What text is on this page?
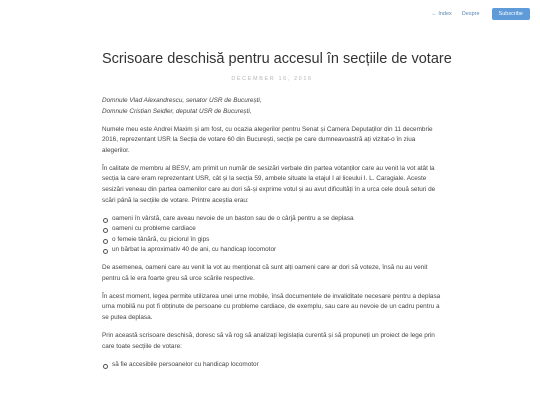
← Index Despre	Subscribe
Scrisoare deschisă pentru accesul în secțiile de votare
DECEMBER 16, 2016

Domnule Vlad Alexandrescu, senator USR de București,
Domnule Cristian Seidler, deputat USR de București,

Numele meu este Andrei Maxim și am fost, cu ocazia alegerilor pentru Senat și Camera Deputaților din 11 decembrie 2016, reprezentant USR la Secția de votare 60 din București, secție pe care dumneavoastră ați vizitat-o în ziua alegerilor.

În calitate de membru al BESV, am primit un număr de sesizări verbale din partea votanților care au venit la vot atât la secția la care eram reprezentant USR, cât și la secția 59, ambele situate la etajul I al liceului I. L. Caragiale. Aceste sesizări veneau din partea oamenilor care au dori să-și exprime votul și au avut dificultăți în a urca cele două seturi de scări până la secțiile de votare. Printre aceștia erau:

oameni în vârstă, care aveau nevoie de un baston sau de o cârjă pentru a se deplasa
oameni cu probleme cardiace
o femeie tânără, cu piciorul în gips
un bărbat la aproximativ 40 de ani, cu handicap locomotor

De asemenea, oameni care au venit la vot au menționat că sunt alți oameni care ar dori să voteze, însă nu au venit pentru că le era foarte greu să urce scările respective.

În acest moment, legea permite utilizarea unei urne mobile, însă documentele de invaliditate necesare pentru a deplasa urna mobilă nu pot fi obținute de persoane cu probleme cardiace, de exemplu, sau care au nevoie de un cadru pentru a se putea deplasa.

Prin această scrisoare deschisă, doresc să vă rog să analizați legislația curentă și să propuneți un proiect de lege prin care toate secțiile de votare:

să fie accesibile persoanelor cu handicap locomotor
